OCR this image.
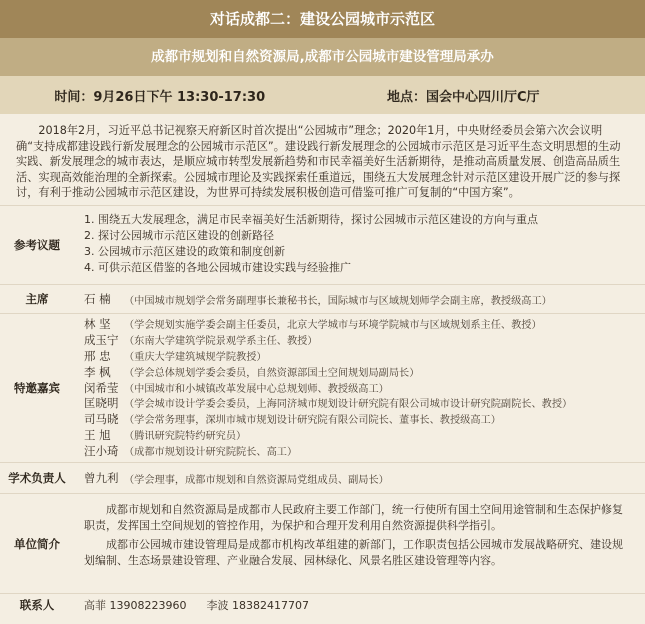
对话成都二：建设公园城市示范区
成都市规划和自然资源局,成都市公园城市建设管理局承办
时间：9月26日下午 13:30-17:30	地点：国会中心四川厅C厅
2018年2月，习近平总书记视察天府新区时首次提出“公园城市”理念；2020年1月，中央财经委员会第六次会议明确“支持成都建设践行新发展理念的公园城市示范区”。建设践行新发展理念的公园城市示范区是习近平生态文明思想的生动实践、新发展理念的城市表达，是顺应城市转型发展新趋势和市民幸福美好生活新期待，是推动高质量发展、创造高品质生活、实现高效能治理的全新探索。公园城市理论及实践探索任重道远，围绕五大发展理念针对示范区建设开展广泛的参与探讨，有利于推动公园城市示范区建设，为世界可持续发展积极创造可借鉴可推广可复制的“中国方案”。
参考议题
1. 围绕五大发展理念，满足市民幸福美好生活新期待，探讨公园城市示范区建设的方向与重点
2. 探讨公园城市示范区建设的创新路径
3. 公园城市示范区建设的政策和制度创新
4. 可供示范区借鉴的各地公园城市建设实践与经验推广
主席	石 楠	（中国城市规划学会常务副理事长兼秘书长，国际城市与区域规划师学会副主席，教授级高工）
特邀嘉宾
林 坚 （学会规划实施学委会副主任委员，北京大学城市与环境学院城市与区域规划系主任、教授）
成玉宁 （东南大学建筑学院景观学系主任、教授）
邢 忠 （重庆大学建筑城规学院教授）
李 枫 （学会总体规划学委会委员，自然资源部国土空间规划局副局长）
闵希莹 （中国城市和小城镇改革发展中心总规划师、教授级高工）
匡晓明 （学会城市设计学委会委员，上海同济城市规划设计研究院有限公司城市设计研究院副院长、教授）
司马晓 （学会常务理事，深圳市城市规划设计研究院有限公司院长、董事长、教授级高工）
王 旭 （腾讯研究院特约研究员）
汪小琦 （成都市规划设计研究院院长、高工）
学术负责人	曾九利 （学会理事，成都市规划和自然资源局党组成员、副局长）
单位简介

成都市规划和自然资源局是成都市人民政府主要工作部门，统一行使所有国土空间用途管制和生态保护修复职责，发挥国土空间规划的管控作用，为保护和合理开发利用自然资源提供科学指引。

成都市公园城市建设管理局是成都市机构改革组建的新部门，工作职责包括公园城市发展战略研究、建设规划编制、生态场景建设管理、产业融合发展、园林绿化、风景名胜区建设管理等内容。

联系人	高菲 13908223960 李波 18382417707
